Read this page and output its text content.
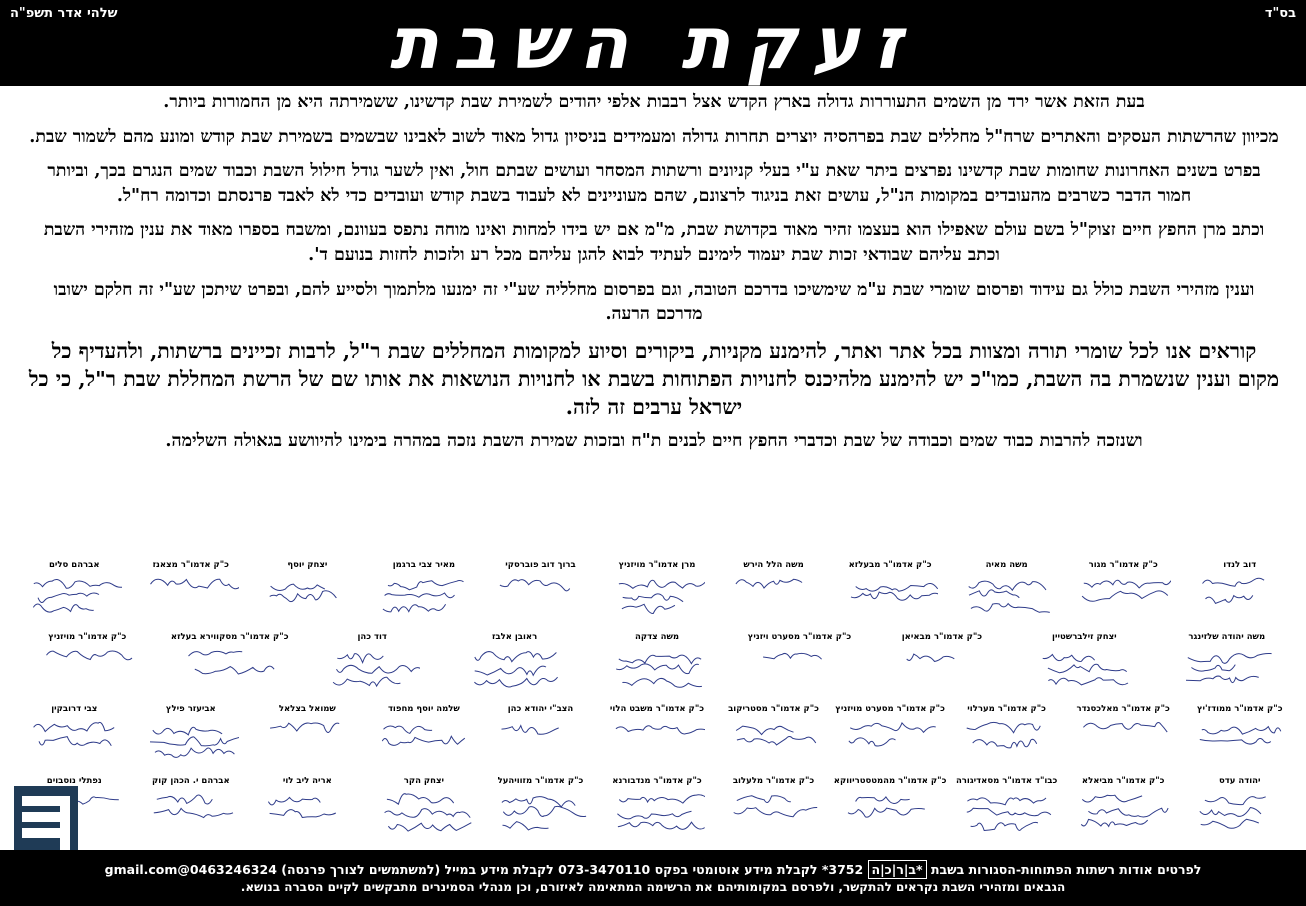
שלהי אדר תשפ"ה	זעקת השבת	בס"ד

בעת הזאת אשר ירד מן השמים התעוררות גדולה בארץ הקדש אצל רבבות אלפי יהודים לשמירת שבת קדשינו, ששמירתה היא מן החמורות ביותר.

מכיוון שהרשתות העסקים והאתרים שרח"ל מחללים שבת בפרהסיה יוצרים תחרות גדולה ומעמידים בניסיון גדול מאוד לשוב לאבינו שבשמים בשמירת שבת קודש ומונע מהם לשמור שבת.

בפרט בשנים האחרונות שחומות שבת קדשינו נפרצים ביתר שאת ע"י בעלי קניונים ורשתות המסחר ועושים שבתם חול, ואין לשער גודל חילול השבת וכבוד שמים הנגרם בכך, וביותר חמור הדבר כשרבים מהעובדים במקומות הנ"ל, עושים זאת בניגוד לרצונם, שהם מעוניינים לא לעבוד בשבת קודש ועובדים כדי לא לאבד פרנסתם וכדומה רח"ל.

וכתב מרן החפץ חיים זצוק"ל בשם עולם שאפילו הוא בעצמו זהיר מאוד בקדושת שבת, מ"מ אם יש בידו למחות ואינו מוחה נתפס בעוונם, ומשבח בספרו מאוד את ענין מזהירי השבת וכתב עליהם שבודאי זכות שבת יעמוד לימינם לעתיד לבוא להגן עליהם מכל רע ולזכות לחזות בנועם ד'.

וענין מזהירי השבת כולל גם עידוד ופרסום שומרי שבת ע"מ שימשיכו בדרכם הטובה, וגם בפרסום מחלליה שע"י זה ימנעו מלתמוך ולסייע להם, ובפרט שיתכן שע"י זה חלקם ישובו מדרכם הרעה.

קוראים אנו לכל שומרי תורה ומצוות בכל אתר ואתר, להימנע מקניות, ביקורים וסיוע למקומות המחללים שבת ר"ל, לרבות זכיינים ברשתות, ולהעדיף כל מקום וענין שנשמרת בה השבת, כמו"כ יש להימנע מלהיכנס לחנויות הפתוחות בשבת או לחנויות הנושאות את אותו שם של הרשת המחללת שבת ר"ל, כי כל ישראל ערבים זה לזה.

ושנזכה להרבות כבוד שמים וכבודה של שבת וכדברי החפץ חיים לבנים ת"ח ובזכות שמירת השבת נזכה במהרה בימינו להיוושע בגאולה השלימה.

דוב לנדו
כ"ק אדמו"ר מגור
משה מאיה
כ"ק אדמו"ר מבעלזא
משה הלל הירש
מרן אדמו"ר מויזניץ
ברוך דוב פוברסקי
מאיר צבי ברגמן
יצחק יוסף
כ"ק אדמו"ר מצאנז
אברהם סלים
משה יהודה שלזינגר
יצחק זילברשטיין
כ"ק אדמו"ר מבאיאן
כ"ק אדמו"ר מסערט ויזניץ
משה צדקה
ראובן אלבז
דוד כהן
כ"ק אדמו"ר מסקווירא בעלזא
כ"ק אדמו"ר מויזניץ
כ"ק אדמו"ר ממודז'יץ
כ"ק אדמו"ר מאלכסנדר
כ"ק אדמו"ר מערלוי
כ"ק אדמו"ר מסערט מויזניץ
כ"ק אדמו"ר מסטריקוב
כ"ק אדמו"ר משבט הלוי
הצב"י יהודא כהן
שלמה יוסף מחפוד
שמואל בצלאל
אביעזר פילץ
צבי דרובקין
יהודה עדס
כ"ק אדמו"ר מביאלא
כבו"ד אדמו"ר מסאדיגורה
כ"ק אדמו"ר מהמטסטריווקא
כ"ק אדמו"ר מלעלוב
כ"ק אדמו"ר מנדבורנא
כ"ק אדמו"ר מזוויהעל
יצחק הקר
אריה ליב לוי
אברהם י. הכהן קוק
נפתלי נוסבוים
לפרטים אודות רשתות הפתוחות-הסגורות בשבת *ב|ר|כ|ה 3752* לקבלת מידע אוטומטי בפקס 073-3470110 לקבלת מידע במייל (למשתמשים לצורך פרנסה) 0463246324@gmail.com
הגבאים ומזהירי השבת נקראים להתקשר, ולפרסם במקומותיהם את הרשימה המתאימה לאיזורם, וכן מנהלי הסמינרים מתבקשים לקיים הסברה בנושא.
